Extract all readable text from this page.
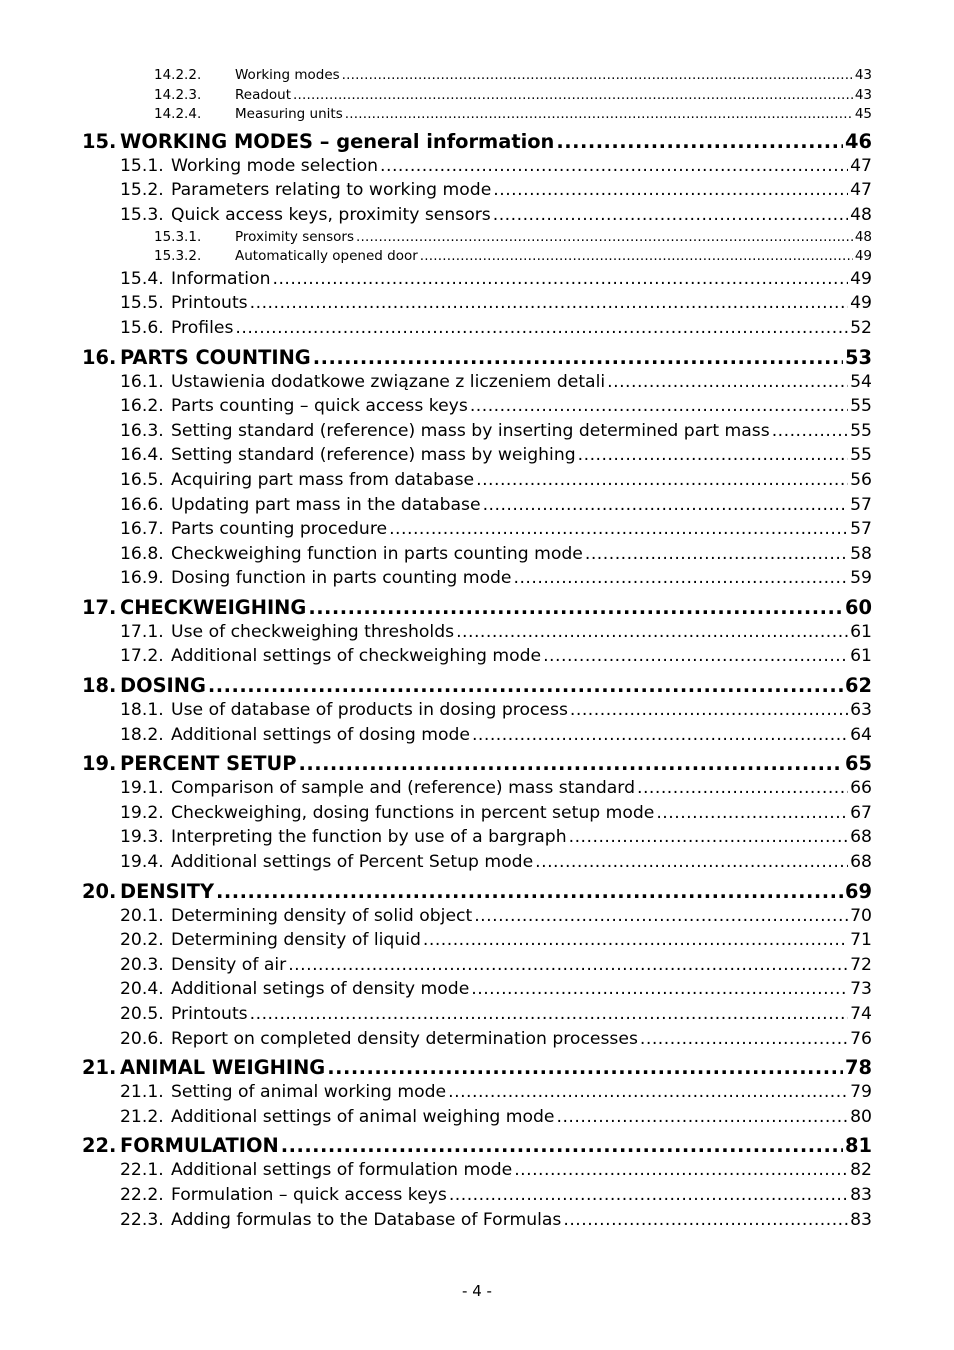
14.2.2.	Working modes .....	43
14.2.3.	Readout .....	43
14.2.4.	Measuring units .....	45
15. WORKING MODES – general information .....	46
15.1. Working mode selection .....	47
15.2. Parameters relating to working mode .....	47
15.3. Quick access keys, proximity sensors .....	48
15.3.1.	Proximity sensors .....	48
15.3.2.	Automatically opened door .....	49
15.4. Information .....	49
15.5. Printouts .....	49
15.6. Profiles .....	52
16. PARTS COUNTING .....	53
16.1. Ustawienia dodatkowe związane z liczeniem detali .....	54
16.2. Parts counting – quick access keys .....	55
16.3. Setting standard (reference) mass by inserting determined part mass .....	55
16.4. Setting standard (reference) mass by weighing .....	55
16.5. Acquiring part mass from database .....	56
16.6. Updating part mass in the database .....	57
16.7. Parts counting procedure .....	57
16.8. Checkweighing function in parts counting mode .....	58
16.9. Dosing function in parts counting mode .....	59
17. CHECKWEIGHING .....	60
17.1. Use of checkweighing thresholds .....	61
17.2. Additional settings of checkweighing mode .....	61
18. DOSING .....	62
18.1. Use of database of products in dosing process .....	63
18.2. Additional settings of dosing mode .....	64
19. PERCENT SETUP .....	65
19.1. Comparison of sample and (reference) mass standard .....	66
19.2. Checkweighing, dosing functions in percent setup mode .....	67
19.3. Interpreting the function by use of a bargraph .....	68
19.4. Additional settings of Percent Setup mode .....	68
20. DENSITY .....	69
20.1. Determining density of solid object .....	70
20.2. Determining density of liquid .....	71
20.3. Density of air .....	72
20.4. Additional setings of density mode .....	73
20.5. Printouts .....	74
20.6. Report on completed density determination processes .....	76
21. ANIMAL WEIGHING .....	78
21.1. Setting of animal working mode .....	79
21.2. Additional settings of animal weighing mode .....	80
22. FORMULATION .....	81
22.1. Additional settings of formulation mode .....	82
22.2. Formulation – quick access keys .....	83
22.3. Adding formulas to the Database of Formulas .....	83
- 4 -
